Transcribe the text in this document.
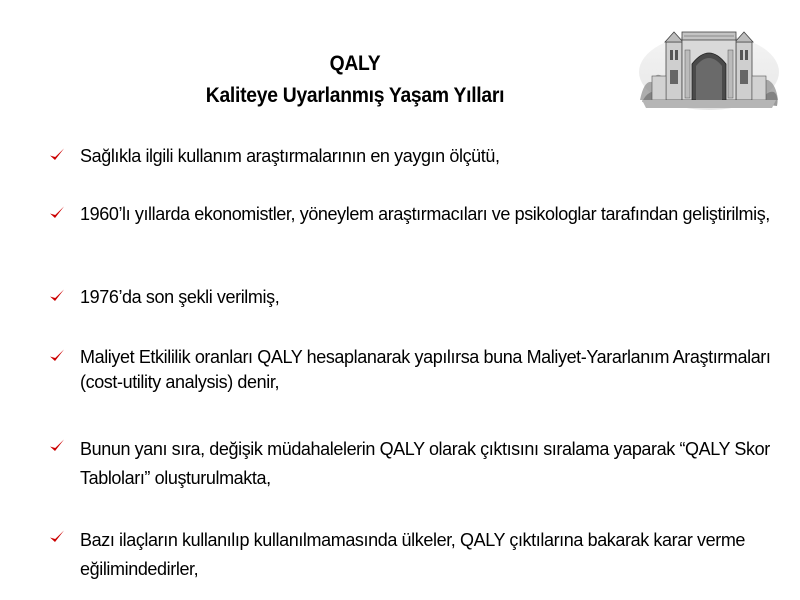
QALY
Kaliteye Uyarlanmış Yaşam Yılları
Sağlıkla ilgili kullanım araştırmalarının en yaygın ölçütü,
1960’lı yıllarda ekonomistler, yöneylem araştırmacıları ve psikologlar tarafından geliştirilmiş,
1976’da son şekli verilmiş,
Maliyet Etkililik oranları QALY hesaplanarak yapılırsa buna Maliyet-Yararlanım Araştırmaları (cost-utility analysis) denir,
Bunun yanı sıra, değişik müdahalelerin QALY olarak çıktısını sıralama yaparak “QALY Skor Tabloları” oluşturulmakta,
Bazı ilaçların kullanılıp kullanılmamasında ülkeler, QALY çıktılarına bakarak karar verme eğilimindedirler,
